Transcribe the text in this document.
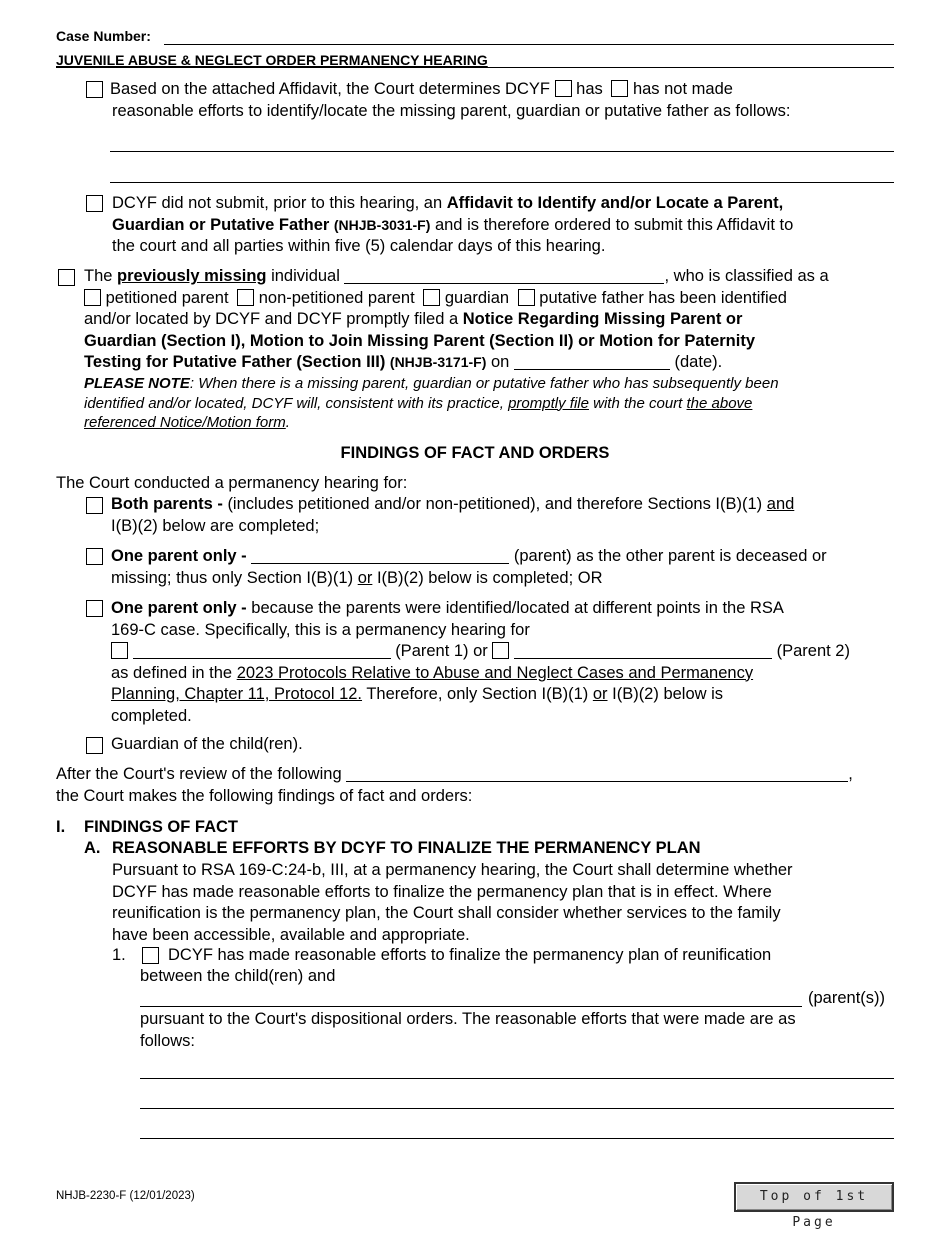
Case Number:
JUVENILE ABUSE & NEGLECT ORDER PERMANENCY HEARING
Based on the attached Affidavit, the Court determines DCYF has has not made
reasonable efforts to identify/locate the missing parent, guardian or putative father as follows:
DCYF did not submit, prior to this hearing, an Affidavit to Identify and/or Locate a Parent,
Guardian or Putative Father (NHJB-3031-F) and is therefore ordered to submit this Affidavit to
the court and all parties within five (5) calendar days of this hearing.
The previously missing individual	, who is classified as a
petitioned parent non-petitioned parent guardian putative father has been identified
and/or located by DCYF and DCYF promptly filed a Notice Regarding Missing Parent or
Guardian (Section I), Motion to Join Missing Parent (Section II) or Motion for Paternity
Testing for Putative Father (Section III) (NHJB-3171-F) on	(date).
PLEASE NOTE: When there is a missing parent, guardian or putative father who has subsequently been
identified and/or located, DCYF will, consistent with its practice, promptly file with the court the above
referenced Notice/Motion form.
FINDINGS OF FACT AND ORDERS
The Court conducted a permanency hearing for:
Both parents - (includes petitioned and/or non-petitioned), and therefore Sections I(B)(1) and
I(B)(2) below are completed;
One parent only -	(parent) as the other parent is deceased or
missing; thus only Section I(B)(1) or I(B)(2) below is completed; OR
One parent only - because the parents were identified/located at different points in the RSA
169-C case. Specifically, this is a permanency hearing for
(Parent 1) or	(Parent 2)
as defined in the 2023 Protocols Relative to Abuse and Neglect Cases and Permanency
Planning, Chapter 11, Protocol 12. Therefore, only Section I(B)(1) or I(B)(2) below is
completed.
Guardian of the child(ren).
After the Court's review of the following	,
the Court makes the following findings of fact and orders:
I. FINDINGS OF FACT
A. REASONABLE EFFORTS BY DCYF TO FINALIZE THE PERMANENCY PLAN
Pursuant to RSA 169-C:24-b, III, at a permanency hearing, the Court shall determine whether
DCYF has made reasonable efforts to finalize the permanency plan that is in effect. Where
reunification is the permanency plan, the Court shall consider whether services to the family
have been accessible, available and appropriate.
1.	DCYF has made reasonable efforts to finalize the permanency plan of reunification
between the child(ren) and
(parent(s))
pursuant to the Court's dispositional orders. The reasonable efforts that were made are as
follows:
NHJB-2230-F (12/01/2023)	Top of 1st Page
